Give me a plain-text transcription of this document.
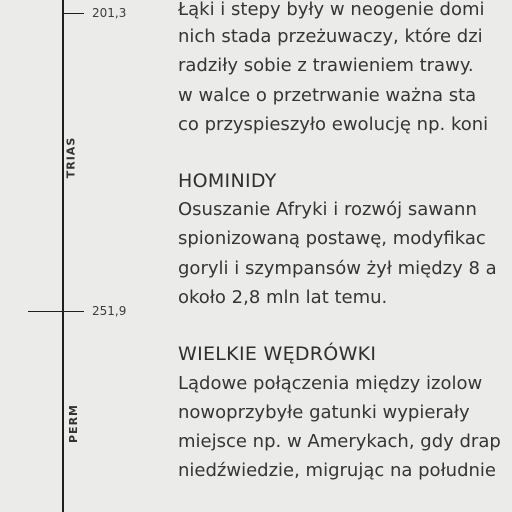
201,3
251,9
TRIAS
PERM
Łąki i stepy były w neogenie domi
nich stada przeżuwaczy, które dzi
radziły sobie z trawieniem trawy.
w walce o przetrwanie ważna sta
co przyspieszyło ewolucję np. koni
HOMINIDY
Osuszanie Afryki i rozwój sawann
spionizowaną postawę, modyfikac
goryli i szympansów żył między 8 a
około 2,8 mln lat temu.
WIELKIE WĘDRÓWKI
Lądowe połączenia między izolow
nowoprzybyłe gatunki wypierały
miejsce np. w Amerykach, gdy drap
niedźwiedzie, migrując na południe
